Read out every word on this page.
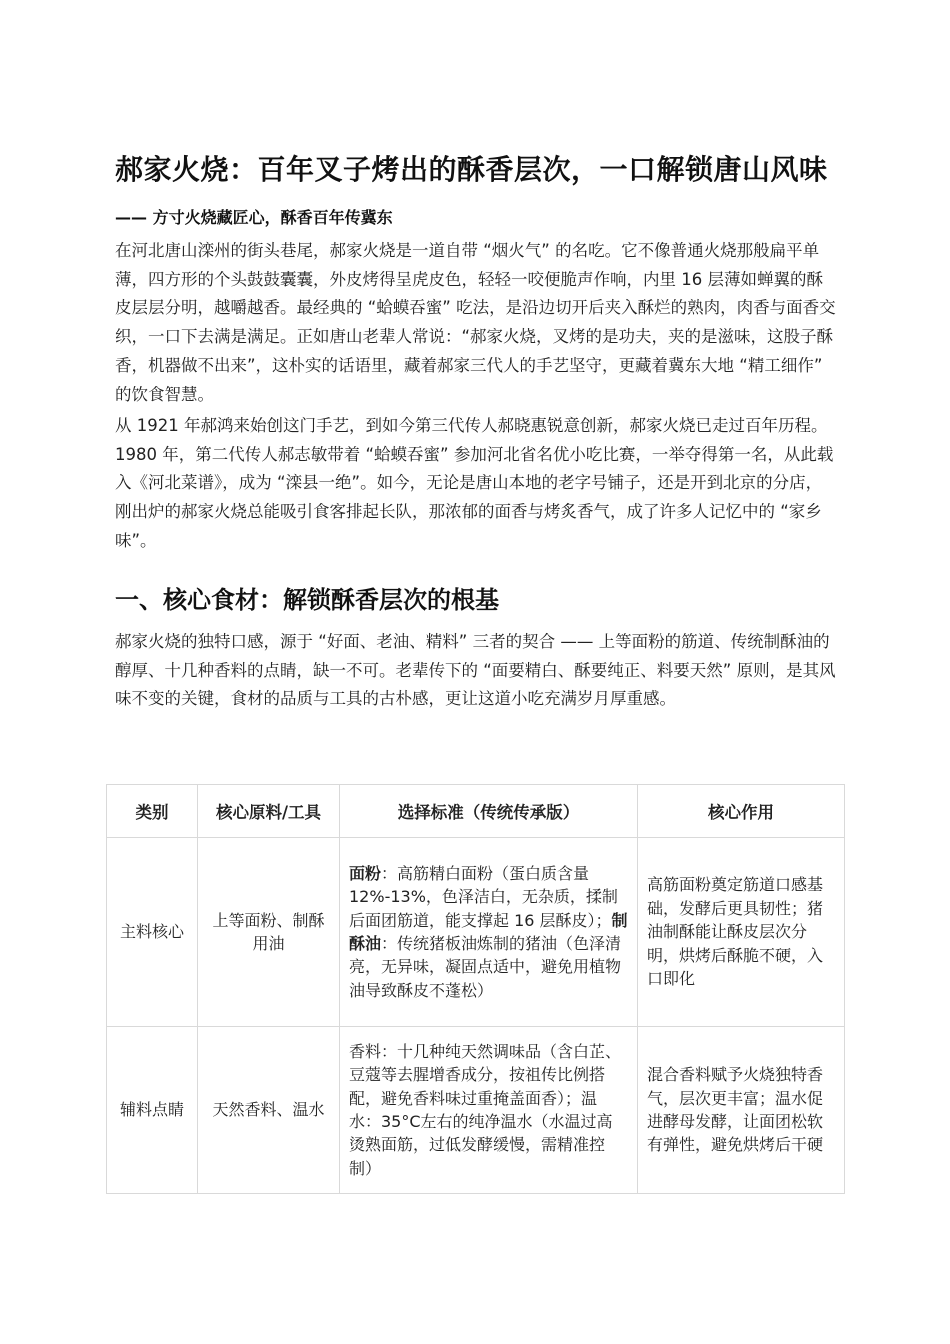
郝家火烧：百年叉子烤出的酥香层次，一口解锁唐山风味
—— 方寸火烧藏匠心，酥香百年传冀东

在河北唐山滦州的街头巷尾，郝家火烧是一道自带 “烟火气” 的名吃。它不像普通火烧那般扁平单薄，四方形的个头鼓鼓囊囊，外皮烤得呈虎皮色，轻轻一咬便脆声作响，内里 16 层薄如蝉翼的酥皮层层分明，越嚼越香。最经典的 “蛤蟆吞蜜” 吃法，是沿边切开后夹入酥烂的熟肉，肉香与面香交织，一口下去满是满足。正如唐山老辈人常说：“郝家火烧，叉烤的是功夫，夹的是滋味，这股子酥香，机器做不出来”，这朴实的话语里，藏着郝家三代人的手艺坚守，更藏着冀东大地 “精工细作” 的饮食智慧。

从 1921 年郝鸿来始创这门手艺，到如今第三代传人郝晓惠锐意创新，郝家火烧已走过百年历程。1980 年，第二代传人郝志敏带着 “蛤蟆吞蜜” 参加河北省名优小吃比赛，一举夺得第一名，从此载入《河北菜谱》，成为 “滦县一绝”。如今，无论是唐山本地的老字号铺子，还是开到北京的分店，刚出炉的郝家火烧总能吸引食客排起长队，那浓郁的面香与烤炙香气，成了许多人记忆中的 “家乡味”。

一、核心食材：解锁酥香层次的根基

郝家火烧的独特口感，源于 “好面、老油、精料” 三者的契合 —— 上等面粉的筋道、传统制酥油的醇厚、十几种香料的点睛，缺一不可。老辈传下的 “面要精白、酥要纯正、料要天然” 原则，是其风味不变的关键，食材的品质与工具的古朴感，更让这道小吃充满岁月厚重感。

类别	核心原料/工具	选择标准（传统传承版）	核心作用
主料核心	上等面粉、制酥用油	面粉：高筋精白面粉（蛋白质含量 12%-13%，色泽洁白，无杂质，揉制后面团筋道，能支撑起 16 层酥皮）；制酥油：传统猪板油炼制的猪油（色泽清亮，无异味，凝固点适中，避免用植物油导致酥皮不蓬松）	高筋面粉奠定筋道口感基础，发酵后更具韧性；猪油制酥能让酥皮层次分明，烘烤后酥脆不硬，入口即化
辅料点睛	天然香料、温水	香料：十几种纯天然调味品（含白芷、豆蔻等去腥增香成分，按祖传比例搭配，避免香料味过重掩盖面香）；温水：35°C左右的纯净温水（水温过高烫熟面筋，过低发酵缓慢，需精准控制）	混合香料赋予火烧独特香气，层次更丰富；温水促进酵母发酵，让面团松软有弹性，避免烘烤后干硬
